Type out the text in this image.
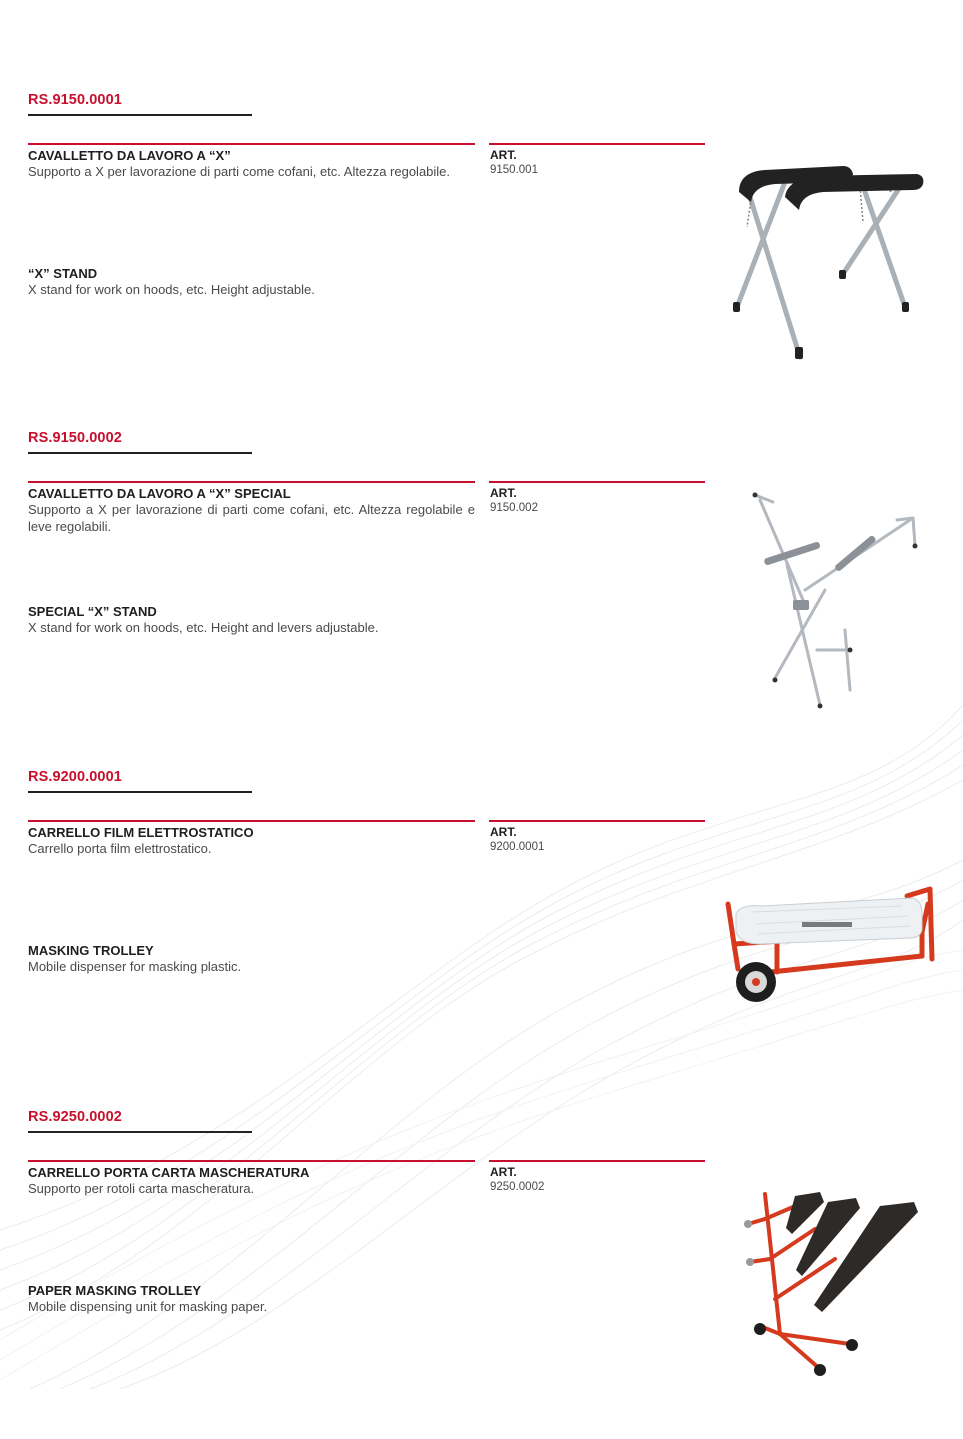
RS.9150.0001

CAVALLETTO DA LAVORO A “X”

Supporto a X per lavorazione di parti come cofani, etc. Altezza regolabile.

“X” STAND

X stand for work on hoods, etc. Height adjustable.

ART.

9150.001

RS.9150.0002

CAVALLETTO DA LAVORO A “X” SPECIAL

Supporto a X per lavorazione di parti come cofani, etc. Altezza regolabile e leve regolabili.

SPECIAL “X” STAND

X stand for work on hoods, etc. Height and levers adjustable.

ART.

9150.002

RS.9200.0001

CARRELLO FILM ELETTROSTATICO

Carrello porta film elettrostatico.

MASKING TROLLEY

Mobile dispenser for masking plastic.

ART.

9200.0001

RS.9250.0002

CARRELLO PORTA CARTA MASCHERATURA

Supporto per rotoli carta mascheratura.

PAPER MASKING TROLLEY

Mobile dispensing unit for masking paper.

ART.

9250.0002
